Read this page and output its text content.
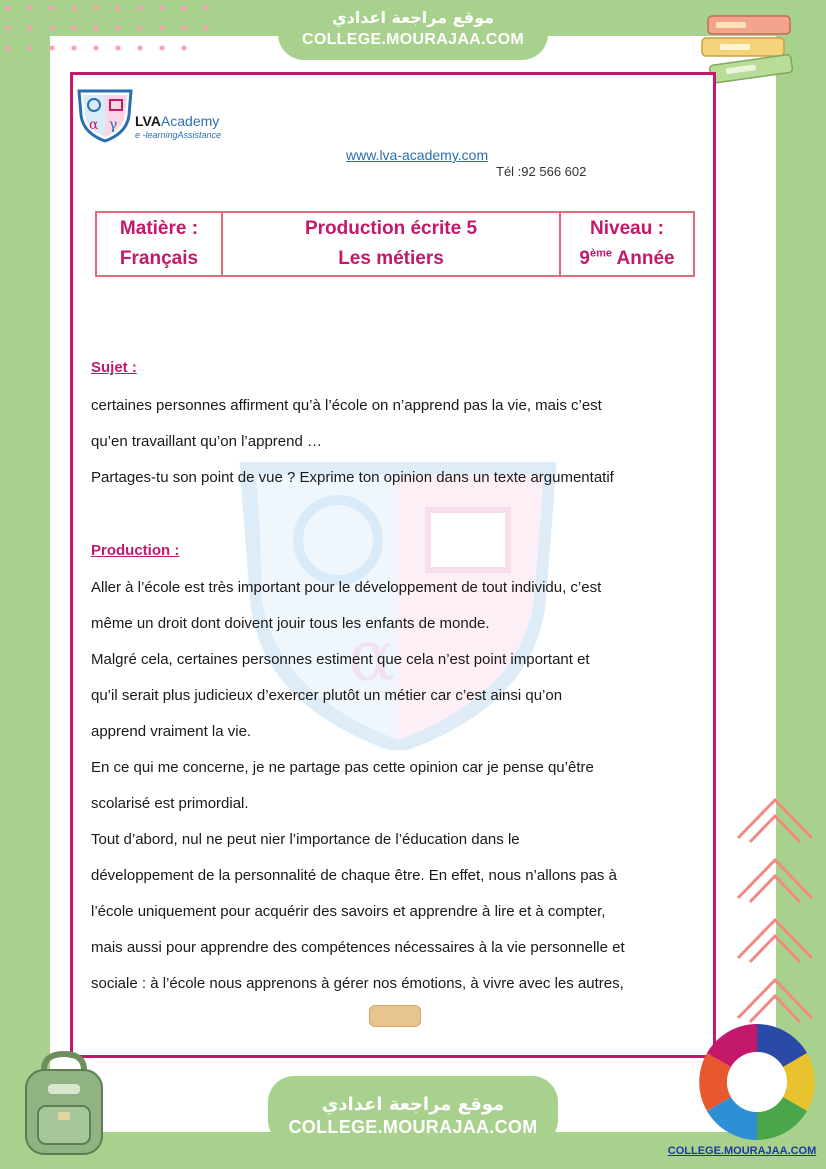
موقع مراجعة اعدادي
COLLEGE.MOURAJAA.COM
α
α γ LVAAcademy
e -learningAssistance
www.lva-academy.com
Tél :92 566 602
Matière :
Français
Production écrite 5
Les métiers
Niveau :
9ème Année
Sujet :
certaines personnes affirment qu’à l’école on n’apprend pas la vie, mais c’est
qu’en travaillant qu’on l’apprend …
Partages-tu son point de vue ? Exprime ton opinion dans un texte argumentatif
Production :
Aller à l’école est très important pour le développement de tout individu, c’est
même un droit dont doivent jouir tous les enfants de monde.
Malgré cela, certaines personnes estiment que cela n’est point important et
qu’il serait plus judicieux d’exercer plutôt un métier car c’est ainsi qu’on
apprend vraiment la vie.
En ce qui me concerne, je ne partage pas cette opinion car je pense qu’être
scolarisé est primordial.
Tout d’abord, nul ne peut nier l’importance de l’éducation dans le
développement de la personnalité de chaque être. En effet, nous n’allons pas à
l’école uniquement pour acquérir des savoirs et apprendre à lire et à compter,
mais aussi pour apprendre des compétences nécessaires à la vie personnelle et
sociale : à l’école nous apprenons à gérer nos émotions, à vivre avec les autres,
موقع مراجعة اعدادي
COLLEGE.MOURAJAA.COM
COLLEGE.MOURAJAA.COM
